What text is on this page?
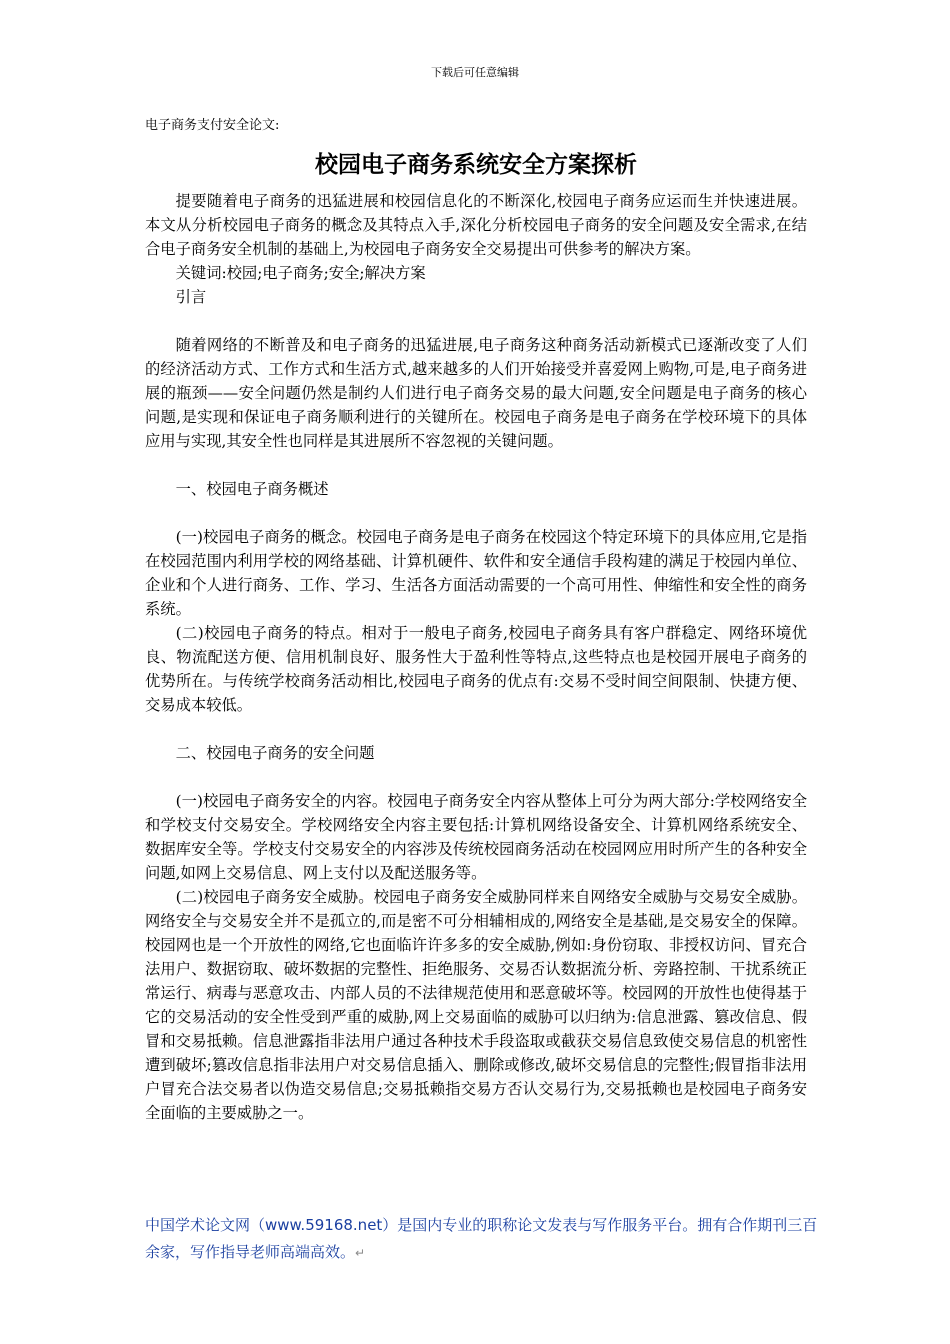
下载后可任意编辑

电子商务支付安全论文:

校园电子商务系统安全方案探析

提要随着电子商务的迅猛进展和校园信息化的不断深化,校园电子商务应运而生并快速进展。本文从分析校园电子商务的概念及其特点入手,深化分析校园电子商务的安全问题及安全需求,在结合电子商务安全机制的基础上,为校园电子商务安全交易提出可供参考的解决方案。

关键词:校园;电子商务;安全;解决方案

引言

随着网络的不断普及和电子商务的迅猛进展,电子商务这种商务活动新模式已逐渐改变了人们的经济活动方式、工作方式和生活方式,越来越多的人们开始接受并喜爱网上购物,可是,电子商务进展的瓶颈——安全问题仍然是制约人们进行电子商务交易的最大问题,安全问题是电子商务的核心问题,是实现和保证电子商务顺利进行的关键所在。校园电子商务是电子商务在学校环境下的具体应用与实现,其安全性也同样是其进展所不容忽视的关键问题。

一、校园电子商务概述

(一)校园电子商务的概念。校园电子商务是电子商务在校园这个特定环境下的具体应用,它是指在校园范围内利用学校的网络基础、计算机硬件、软件和安全通信手段构建的满足于校园内单位、企业和个人进行商务、工作、学习、生活各方面活动需要的一个高可用性、伸缩性和安全性的商务系统。

(二)校园电子商务的特点。相对于一般电子商务,校园电子商务具有客户群稳定、网络环境优良、物流配送方便、信用机制良好、服务性大于盈利性等特点,这些特点也是校园开展电子商务的优势所在。与传统学校商务活动相比,校园电子商务的优点有:交易不受时间空间限制、快捷方便、交易成本较低。

二、校园电子商务的安全问题

(一)校园电子商务安全的内容。校园电子商务安全内容从整体上可分为两大部分:学校网络安全和学校支付交易安全。学校网络安全内容主要包括:计算机网络设备安全、计算机网络系统安全、数据库安全等。学校支付交易安全的内容涉及传统校园商务活动在校园网应用时所产生的各种安全问题,如网上交易信息、网上支付以及配送服务等。

(二)校园电子商务安全威胁。校园电子商务安全威胁同样来自网络安全威胁与交易安全威胁。网络安全与交易安全并不是孤立的,而是密不可分相辅相成的,网络安全是基础,是交易安全的保障。校园网也是一个开放性的网络,它也面临许许多多的安全威胁,例如:身份窃取、非授权访问、冒充合法用户、数据窃取、破坏数据的完整性、拒绝服务、交易否认数据流分析、旁路控制、干扰系统正常运行、病毒与恶意攻击、内部人员的不法律规范使用和恶意破坏等。校园网的开放性也使得基于它的交易活动的安全性受到严重的威胁,网上交易面临的威胁可以归纳为:信息泄露、篡改信息、假冒和交易抵赖。信息泄露指非法用户通过各种技术手段盗取或截获交易信息致使交易信息的机密性遭到破坏;篡改信息指非法用户对交易信息插入、删除或修改,破坏交易信息的完整性;假冒指非法用户冒充合法交易者以伪造交易信息;交易抵赖指交易方否认交易行为,交易抵赖也是校园电子商务安全面临的主要威胁之一。

中国学术论文网（www.59168.net）是国内专业的职称论文发表与写作服务平台。拥有合作期刊三百余家，写作指导老师高端高效。↵
